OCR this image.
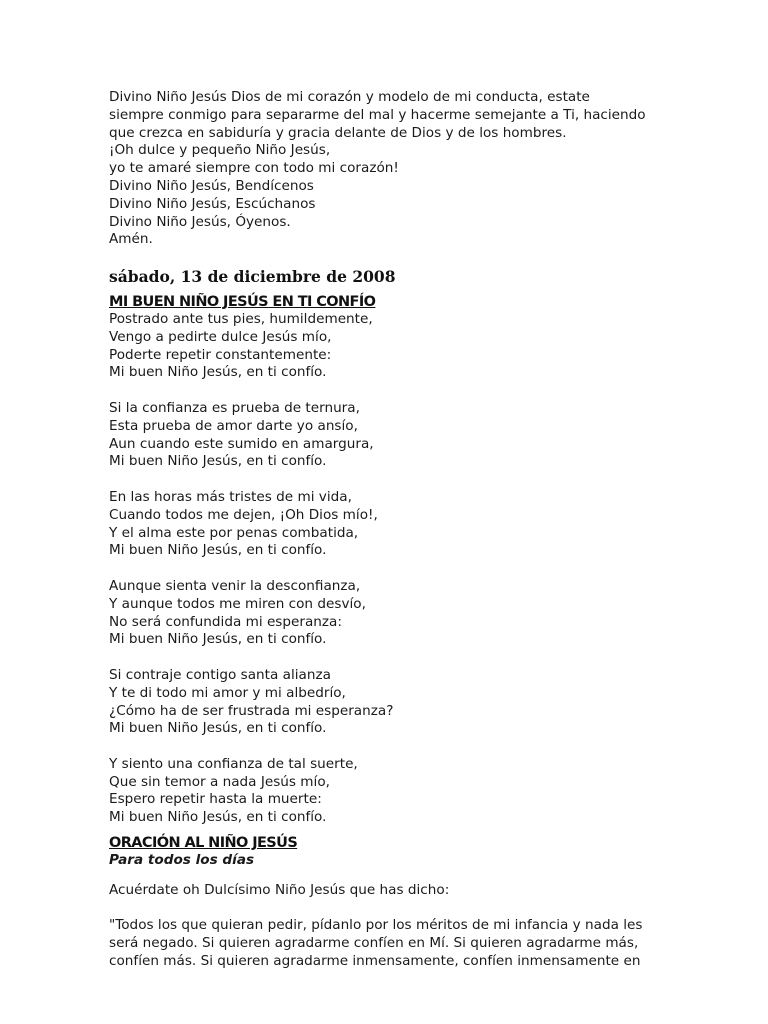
Divino Niño Jesús Dios de mi corazón y modelo de mi conducta, estate
siempre conmigo para separarme del mal y hacerme semejante a Ti, haciendo
que crezca en sabiduría y gracia delante de Dios y de los hombres.
¡Oh dulce y pequeño Niño Jesús,
yo te amaré siempre con todo mi corazón!
Divino Niño Jesús, Bendícenos
Divino Niño Jesús, Escúchanos
Divino Niño Jesús, Óyenos.
Amén.
sábado, 13 de diciembre de 2008
MI BUEN NIÑO JESÚS EN TI CONFÍO
Postrado ante tus pies, humildemente,
Vengo a pedirte dulce Jesús mío,
Poderte repetir constantemente:
Mi buen Niño Jesús, en ti confío.
Si la confianza es prueba de ternura,
Esta prueba de amor darte yo ansío,
Aun cuando este sumido en amargura,
Mi buen Niño Jesús, en ti confío.
En las horas más tristes de mi vida,
Cuando todos me dejen, ¡Oh Dios mío!,
Y el alma este por penas combatida,
Mi buen Niño Jesús, en ti confío.
Aunque sienta venir la desconfianza,
Y aunque todos me miren con desvío,
No será confundida mi esperanza:
Mi buen Niño Jesús, en ti confío.
Si contraje contigo santa alianza
Y te di todo mi amor y mi albedrío,
¿Cómo ha de ser frustrada mi esperanza?
Mi buen Niño Jesús, en ti confío.
Y siento una confianza de tal suerte,
Que sin temor a nada Jesús mío,
Espero repetir hasta la muerte:
Mi buen Niño Jesús, en ti confío.
ORACIÓN AL NIÑO JESÚS
Para todos los días
Acuérdate oh Dulcísimo Niño Jesús que has dicho:
"Todos los que quieran pedir, pídanlo por los méritos de mi infancia y nada les
será negado. Si quieren agradarme confíen en Mí. Si quieren agradarme más,
confíen más. Si quieren agradarme inmensamente, confíen inmensamente en
